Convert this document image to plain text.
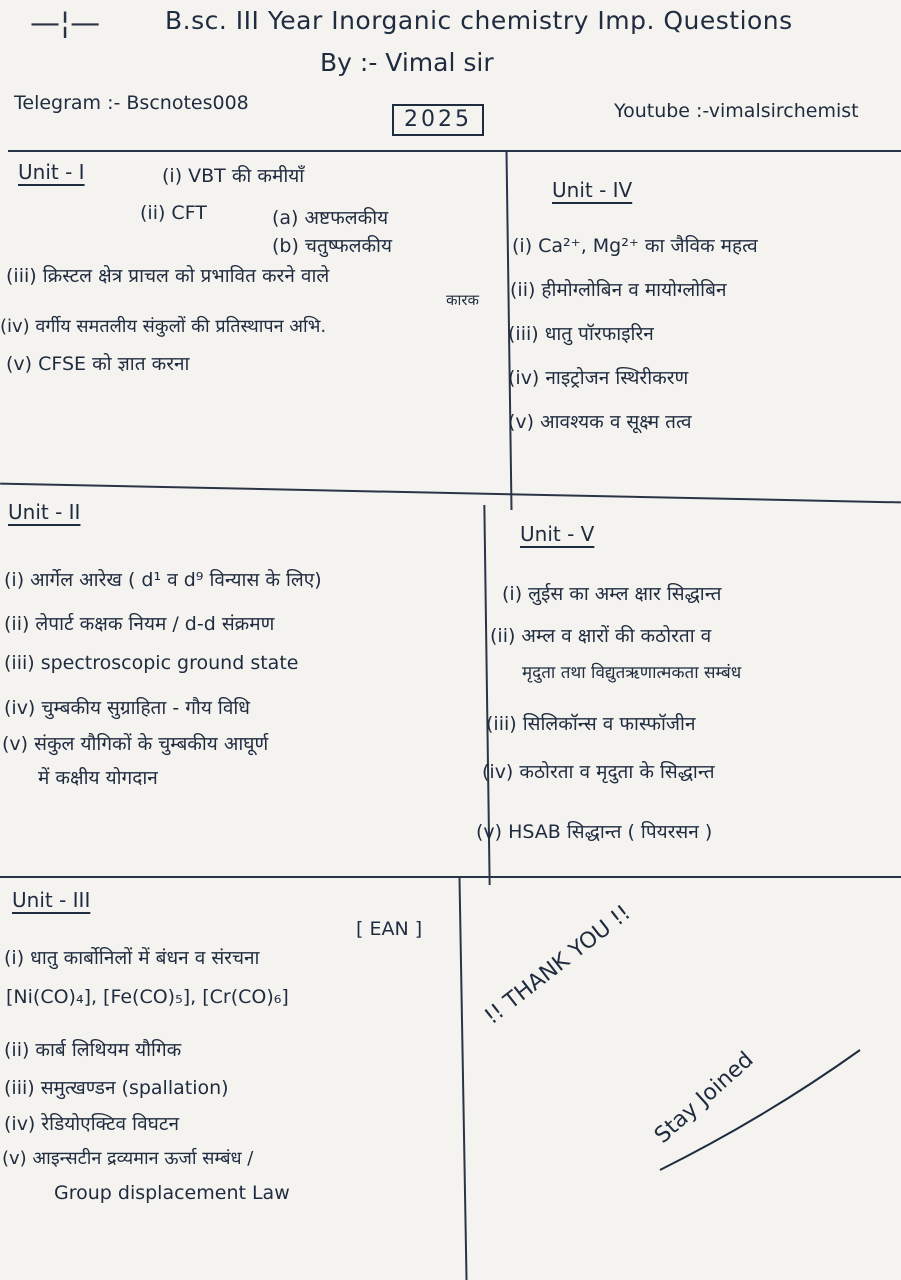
—¦—	B.sc. III Year Inorganic chemistry Imp. Questions
By :- Vimal sir
Telegram :- Bscnotes008
2025	Youtube :-vimalsirchemist
Unit - I	(i) VBT की कमीयाँ
(ii) CFT	(a) अष्टफलकीय
(b) चतुष्फलकीय
(iii) क्रिस्टल क्षेत्र प्राचल को प्रभावित करने वाले
कारक
(iv) वर्गीय समतलीय संकुलों की प्रतिस्थापन अभि.
(v) CFSE को ज्ञात करना
Unit - IV
(i) Ca²⁺, Mg²⁺ का जैविक महत्व
(ii) हीमोग्लोबिन व मायोग्लोबिन
(iii) धातु पॉरफाइरिन
(iv) नाइट्रोजन स्थिरीकरण
(v) आवश्यक व सूक्ष्म तत्व
Unit - II
(i) आर्गेल आरेख ( d¹ व d⁹ विन्यास के लिए)
(ii) लेपार्ट कक्षक नियम / d-d संक्रमण
(iii) spectroscopic ground state
(iv) चुम्बकीय सुग्राहिता - गौय विधि
(v) संकुल यौगिकों के चुम्बकीय आघूर्ण
में कक्षीय योगदान
Unit - V
(i) लुईस का अम्ल क्षार सिद्धान्त
(ii) अम्ल व क्षारों की कठोरता व
मृदुता तथा विद्युतऋणात्मकता सम्बंध
(iii) सिलिकॉन्स व फास्फॉजीन
(iv) कठोरता व मृदुता के सिद्धान्त
(v) HSAB सिद्धान्त ( पियरसन )
Unit - III
[ EAN ]
(i) धातु कार्बोनिलों में बंधन व संरचना
[Ni(CO)₄], [Fe(CO)₅], [Cr(CO)₆]
(ii) कार्ब लिथियम यौगिक
(iii) समुत्खण्डन (spallation)
(iv) रेडियोएक्टिव विघटन
(v) आइन्सटीन द्रव्यमान ऊर्जा सम्बंध /
Group displacement Law
!! THANK YOU !!
Stay Joined
